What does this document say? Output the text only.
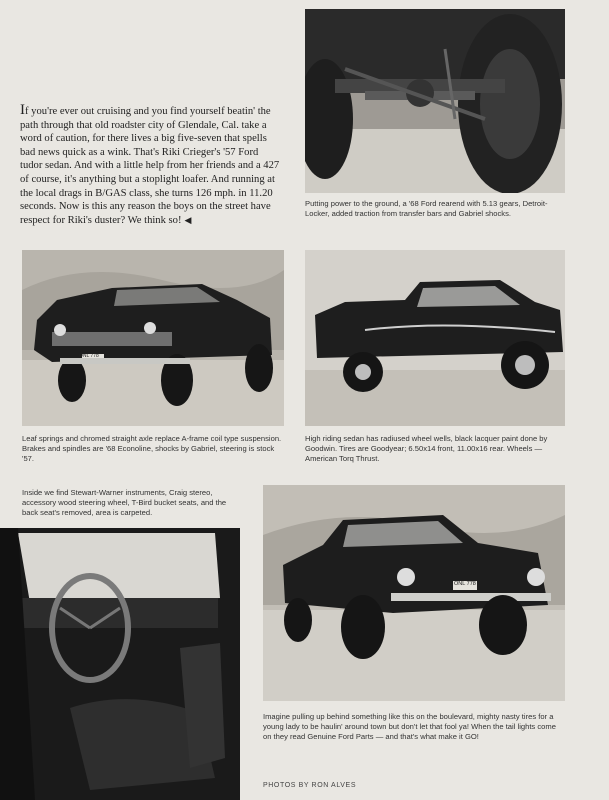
If you're ever out cruising and you find yourself beatin' the path through that old roadster city of Glendale, Cal. take a word of caution, for there lives a big five-seven that spells bad news quick as a wink. That's Riki Crieger's '57 Ford tudor sedan. And with a little help from her friends and a 427 of course, it's anything but a stoplight loafer. And running at the local drags in B/GAS class, she turns 126 mph. in 11.20 seconds. Now is this any reason the boys on the street have respect for Riki's duster? We think so! ◀

Putting power to the ground, a '68 Ford rearend with 5.13 gears, Detroit-Locker, added traction from transfer bars and Gabriel shocks.

ONL 778

Leaf springs and chromed straight axle replace A-frame coil type suspension. Brakes and spindles are '68 Econoline, shocks by Gabriel, steering is stock '57.

High riding sedan has radiused wheel wells, black lacquer paint done by Goodwin. Tires are Goodyear; 6.50x14 front, 11.00x16 rear. Wheels — American Torq Thrust.

Inside we find Stewart-Warner instruments, Craig stereo, accessory wood steering wheel, T-Bird bucket seats, and the back seat's removed, area is carpeted.

ONL 778

Imagine pulling up behind something like this on the boulevard, mighty nasty tires for a young lady to be haulin' around town but don't let that fool ya! When the tail lights come on they read Genuine Ford Parts — and that's what make it GO!

PHOTOS BY RON ALVES
